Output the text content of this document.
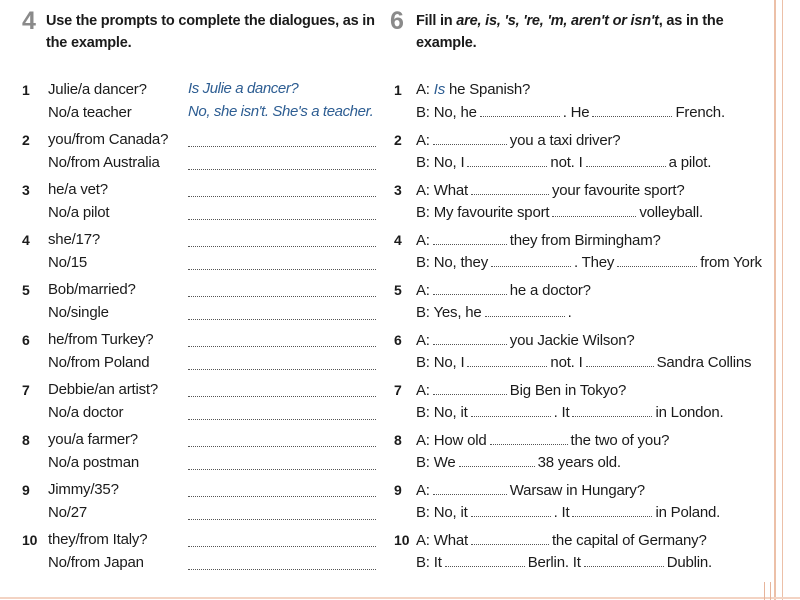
4 Use the prompts to complete the dialogues, as in
the example.
1 Julie/a dancer?
No/a teacher
Is Julie a dancer?
No, she isn't. She's a teacher.
2 you/from Canada?
No/from Australia
3 he/a vet?
No/a pilot
4 she/17?
No/15
5 Bob/married?
No/single
6 he/from Turkey?
No/from Poland
7 Debbie/an artist?
No/a doctor
8 you/a farmer?
No/a postman
9 Jimmy/35?
No/27
10 they/from Italy?
No/from Japan
6 Fill in are, is, 's, 're, 'm, aren't or isn't, as in the
example.
1 A: Is he Spanish?
B: No, he	. He	French.
2 A:	you a taxi driver?
B: No, I	not. I	a pilot.
3 A: What	your favourite sport?
B: My favourite sport	volleyball.
4 A:	they from Birmingham?
B: No, they	. They	from York
5 A:	he a doctor?
B: Yes, he	.
6 A:	you Jackie Wilson?
B: No, I	not. I	Sandra Collins
7 A:	Big Ben in Tokyo?
B: No, it	. It	in London.
8 A: How old	the two of you?
B: We	38 years old.
9 A:	Warsaw in Hungary?
B: No, it	. It	in Poland.
10 A: What	the capital of Germany?
B: It	Berlin. It	Dublin.
